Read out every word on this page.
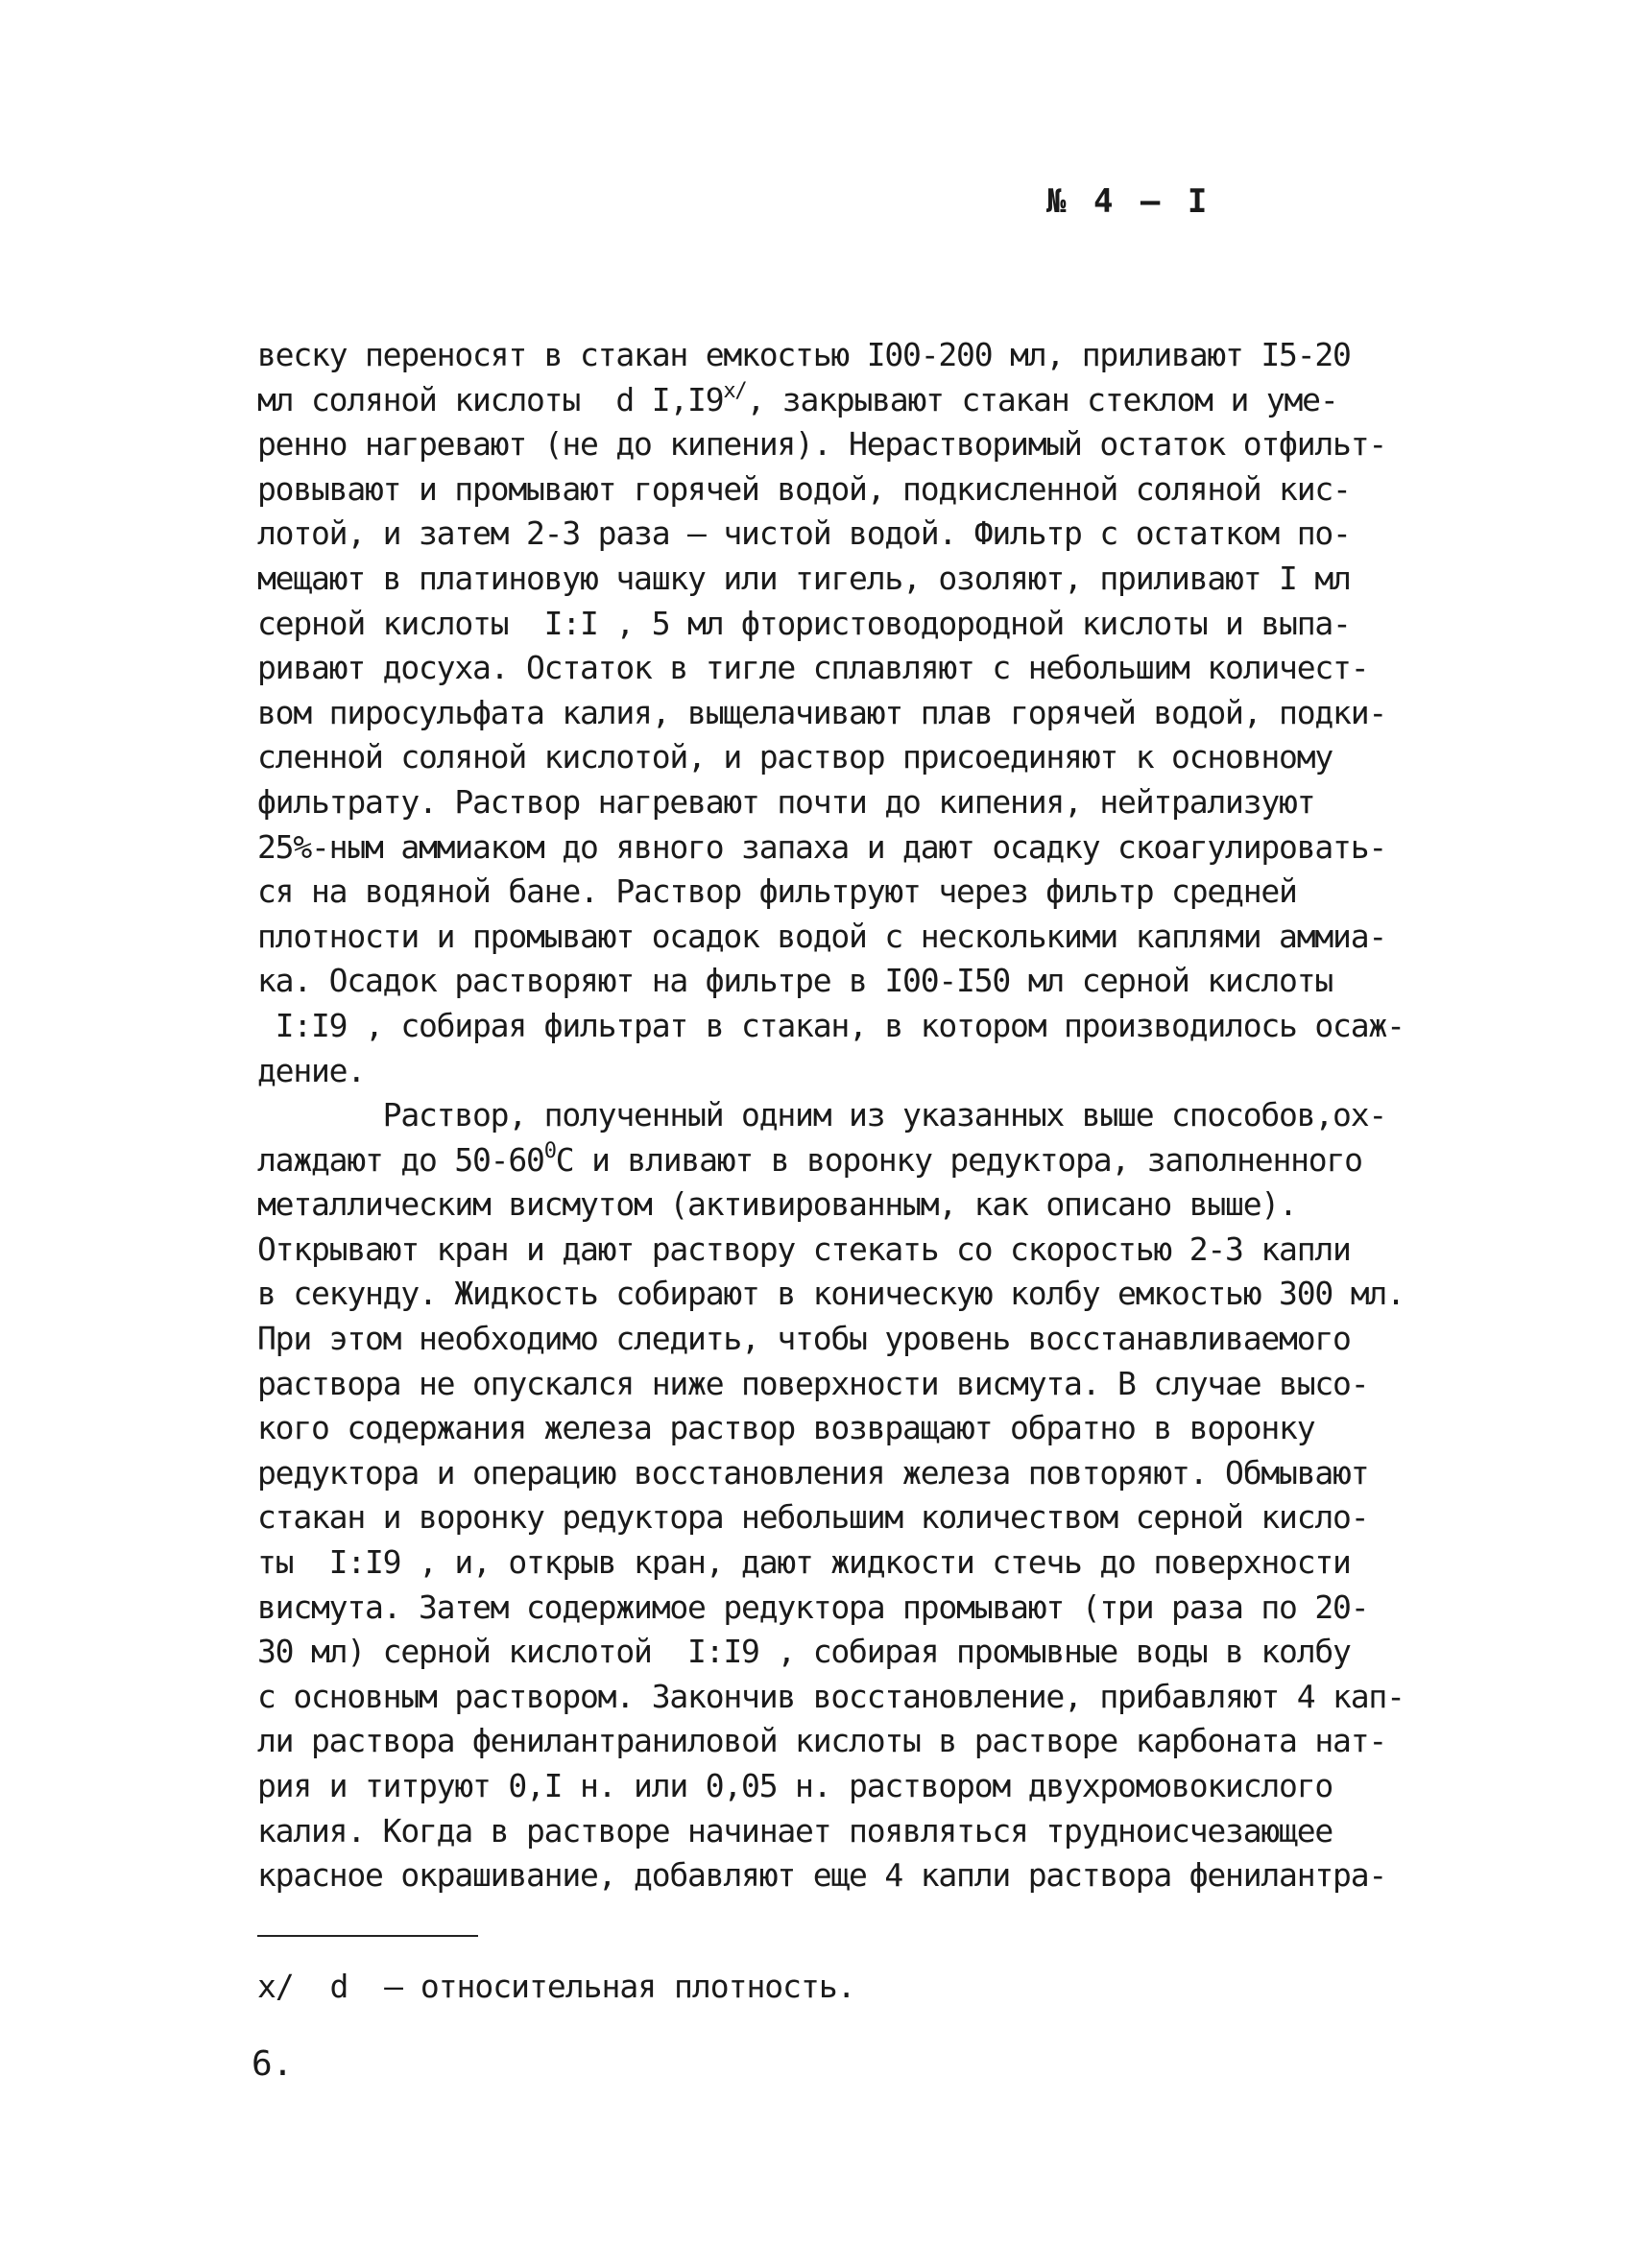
№ 4 – I
веску переносят в стакан емкостью I00-200 мл, приливают I5-20
мл соляной кислоты  d $I,I9^{x/}$, закрывают стакан стеклом и уме-
ренно нагревают (не до кипения). Нерастворимый остаток отфильт-
ровывают и промывают горячей водой, подкисленной соляной кис-
лотой, и затем 2-3 раза – чистой водой. Фильтр с остатком по-
мещают в платиновую чашку или тигель, озоляют, приливают I мл
серной кислоты  I:I , 5 мл фтористоводородной кислоты и выпа-
ривают досуха. Остаток в тигле сплавляют с небольшим количест-
вом пиросульфата калия, выщелачивают плав горячей водой, подки-
сленной соляной кислотой, и раствор присоединяют к основному
фильтрату. Раствор нагревают почти до кипения, нейтрализуют
25%-ным аммиаком до явного запаха и дают осадку скоагулировать-
ся на водяной бане. Раствор фильтруют через фильтр средней
плотности и промывают осадок водой с несколькими каплями аммиа-
ка. Осадок растворяют на фильтре в I00-I50 мл серной кислоты
I:I9 , собирая фильтрат в стакан, в котором производилось осаж-
дение.
Раствор, полученный одним из указанных выше способов,ох-
лаждают до $50-60^0С$ и вливают в воронку редуктора, заполненного
металлическим висмутом (активированным, как описано выше).
Открывают кран и дают раствору стекать со скоростью 2-3 капли
в секунду. Жидкость собирают в коническую колбу емкостью 300 мл.
При этом необходимо следить, чтобы уровень восстанавливаемого
раствора не опускался ниже поверхности висмута. В случае высо-
кого содержания железа раствор возвращают обратно в воронку
редуктора и операцию восстановления железа повторяют. Обмывают
стакан и воронку редуктора небольшим количеством серной кисло-
ты  I:I9 , и, открыв кран, дают жидкости стечь до поверхности
висмута. Затем содержимое редуктора промывают (три раза по 20-
30 мл) серной кислотой  I:I9 , собирая промывные воды в колбу
с основным раствором. Закончив восстановление, прибавляют 4 кап-
ли раствора фенилантраниловой кислоты в растворе карбоната нат-
рия и титруют 0,I н. или 0,05 н. раствором двухромовокислого
калия. Когда в растворе начинает появляться трудноисчезающее
красное окрашивание, добавляют еще 4 капли раствора фенилантра-
x/  d  – относительная плотность.
6.
